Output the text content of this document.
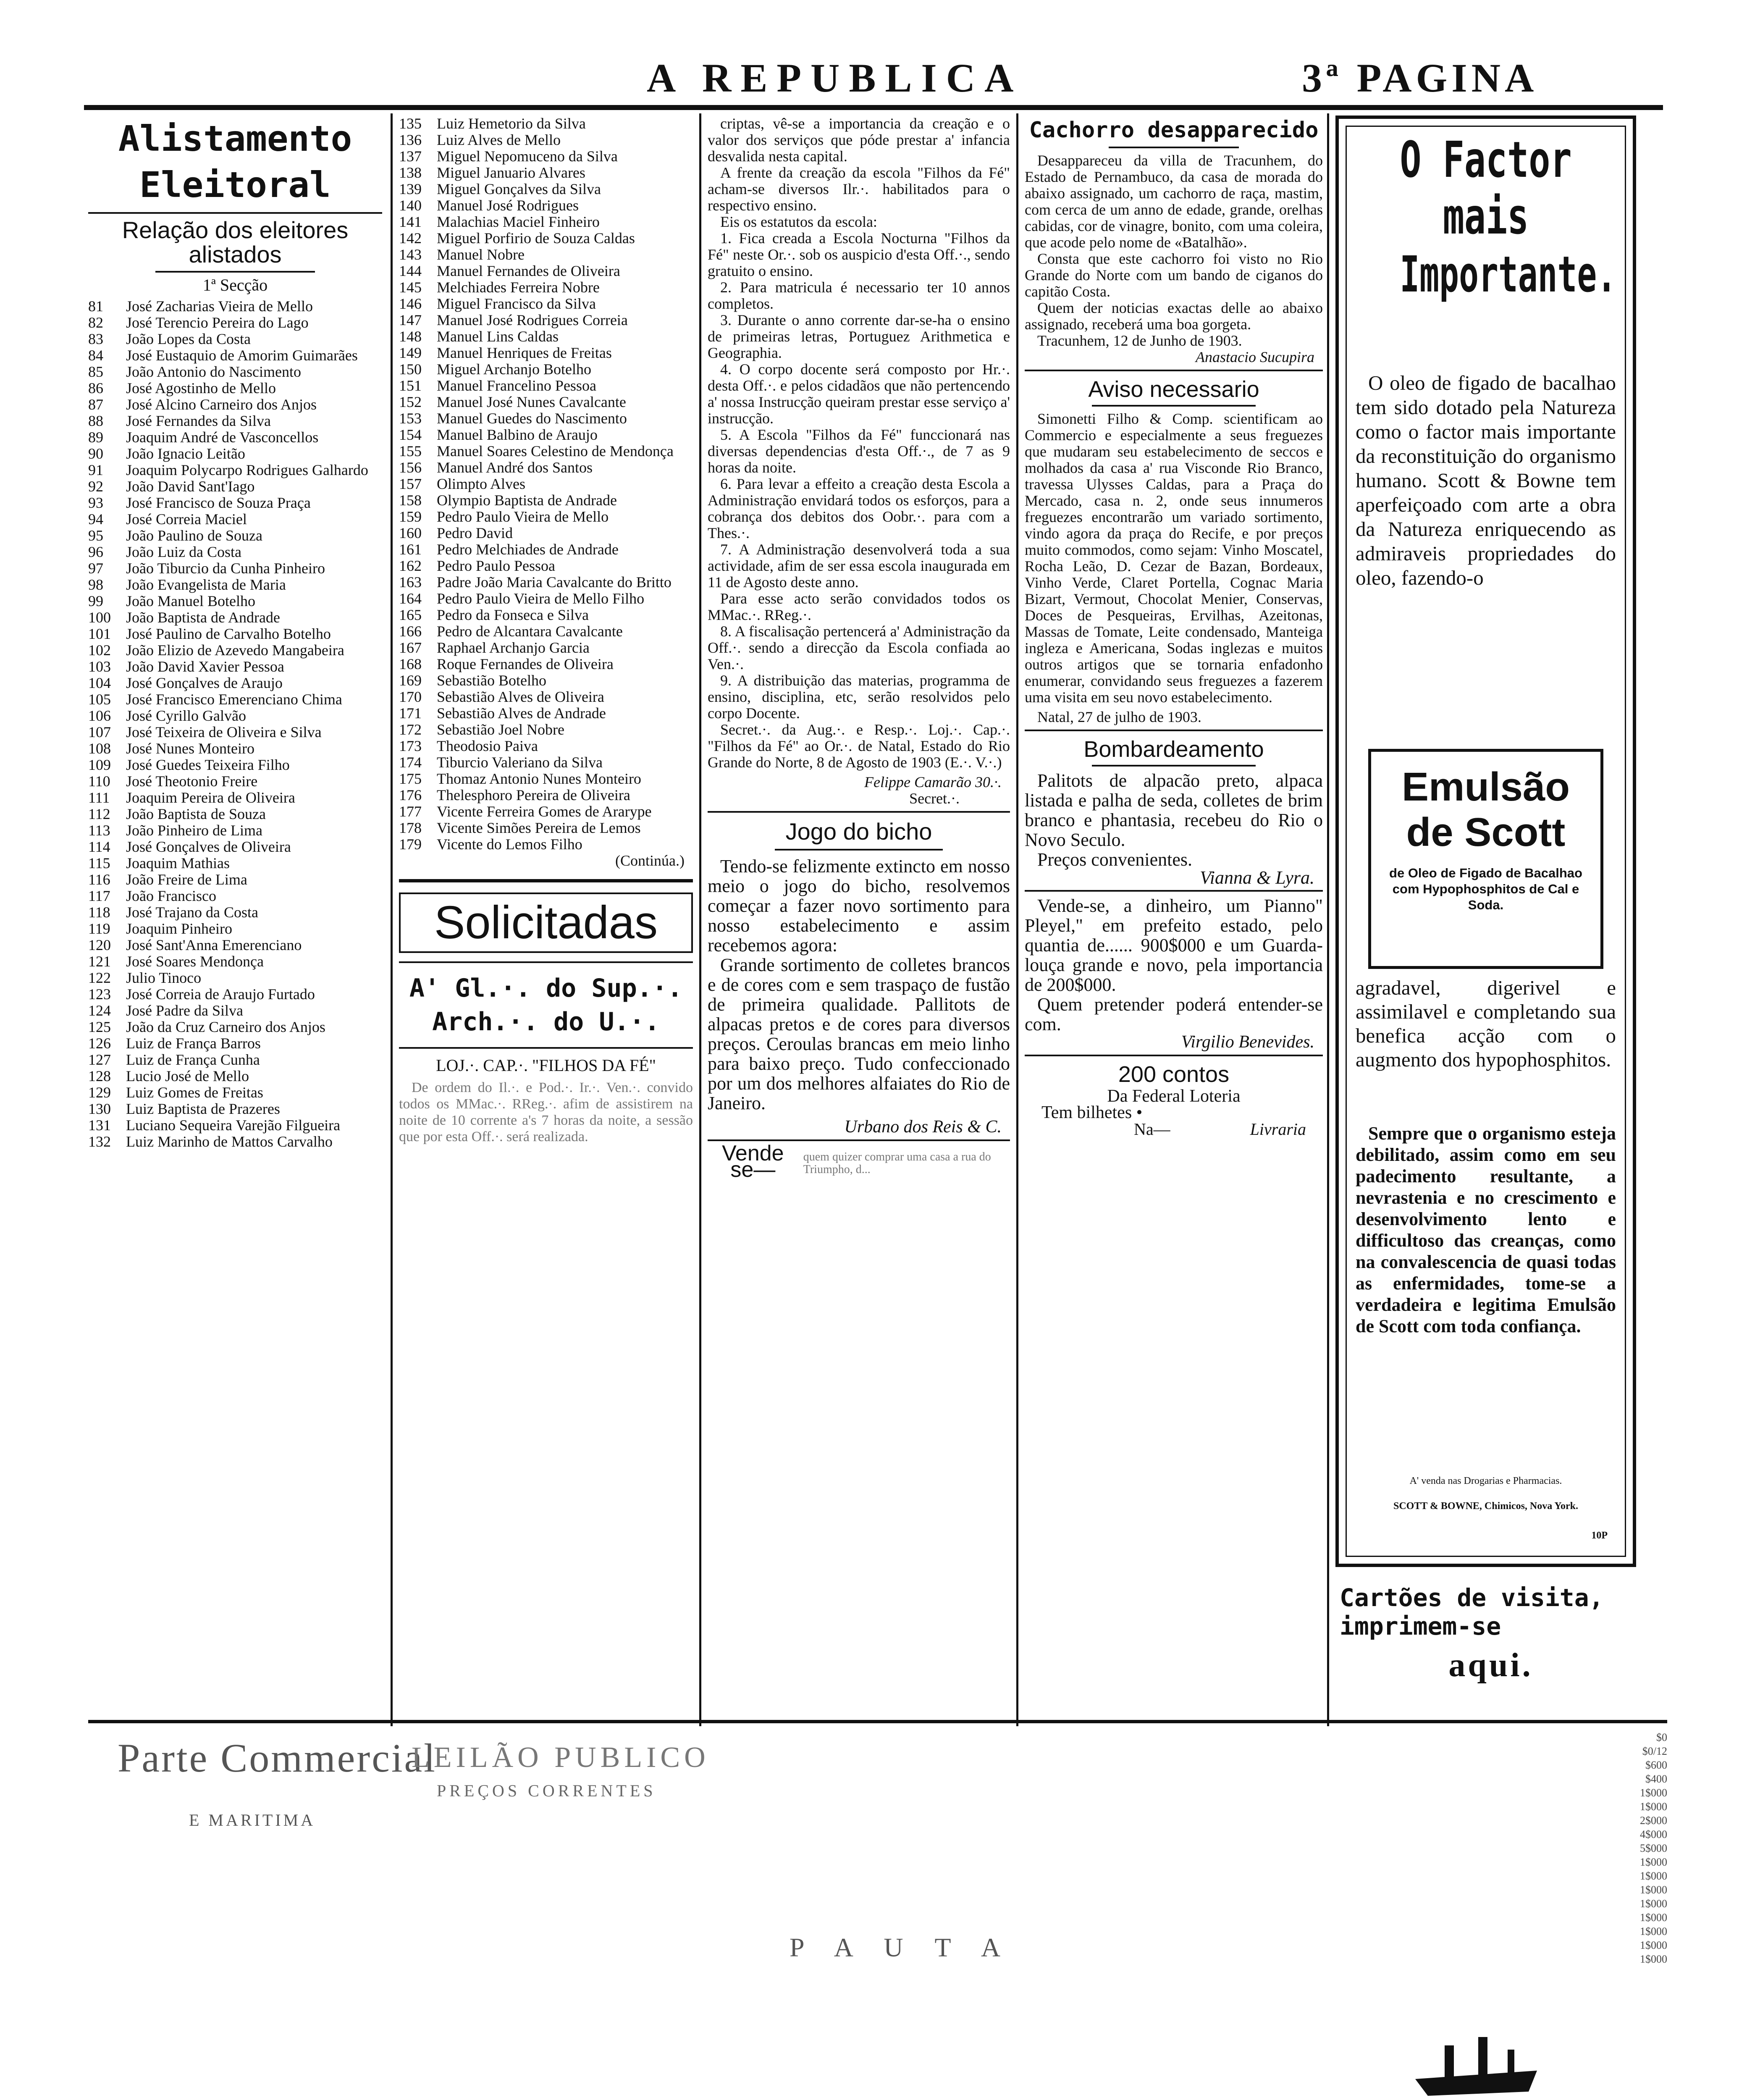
A REPUBLICA	3ª PAGINA
Alistamento Eleitoral
Relação dos eleitores alistados
1ª Secção
81	José Zacharias Vieira de Mello
82	José Terencio Pereira do Lago
83	João Lopes da Costa
84	José Eustaquio de Amorim Guimarães
85	João Antonio do Nascimento
86	José Agostinho de Mello
87	José Alcino Carneiro dos Anjos
88	José Fernandes da Silva
89	Joaquim André de Vasconcellos
90	João Ignacio Leitão
91	Joaquim Polycarpo Rodrigues Galhardo
92	João David Sant'Iago
93	José Francisco de Souza Praça
94	José Correia Maciel
95	João Paulino de Souza
96	João Luiz da Costa
97	João Tiburcio da Cunha Pinheiro
98	João Evangelista de Maria
99	João Manuel Botelho
100	João Baptista de Andrade
101	José Paulino de Carvalho Botelho
102	João Elizio de Azevedo Mangabeira
103	João David Xavier Pessoa
104	José Gonçalves de Araujo
105	José Francisco Emerenciano Chima
106	José Cyrillo Galvão
107	José Teixeira de Oliveira e Silva
108	José Nunes Monteiro
109	José Guedes Teixeira Filho
110	José Theotonio Freire
111	Joaquim Pereira de Oliveira
112	João Baptista de Souza
113	João Pinheiro de Lima
114	José Gonçalves de Oliveira
115	Joaquim Mathias
116	João Freire de Lima
117	João Francisco
118	José Trajano da Costa
119	Joaquim Pinheiro
120	José Sant'Anna Emerenciano
121	José Soares Mendonça
122	Julio Tinoco
123	José Correia de Araujo Furtado
124	José Padre da Silva
125	João da Cruz Carneiro dos Anjos
126	Luiz de França Barros
127	Luiz de França Cunha
128	Lucio José de Mello
129	Luiz Gomes de Freitas
130	Luiz Baptista de Prazeres
131	Luciano Sequeira Varejão Filgueira
132	Luiz Marinho de Mattos Carvalho
135	Luiz Hemetorio da Silva
136	Luiz Alves de Mello
137	Miguel Nepomuceno da Silva
138	Miguel Januario Alvares
139	Miguel Gonçalves da Silva
140	Manuel José Rodrigues
141	Malachias Maciel Finheiro
142	Miguel Porfirio de Souza Caldas
143	Manuel Nobre
144	Manuel Fernandes de Oliveira
145	Melchiades Ferreira Nobre
146	Miguel Francisco da Silva
147	Manuel José Rodrigues Correia
148	Manuel Lins Caldas
149	Manuel Henriques de Freitas
150	Miguel Archanjo Botelho
151	Manuel Francelino Pessoa
152	Manuel José Nunes Cavalcante
153	Manuel Guedes do Nascimento
154	Manuel Balbino de Araujo
155	Manuel Soares Celestino de Mendonça
156	Manuel André dos Santos
157	Olimpto Alves
158	Olympio Baptista de Andrade
159	Pedro Paulo Vieira de Mello
160	Pedro David
161	Pedro Melchiades de Andrade
162	Pedro Paulo Pessoa
163	Padre João Maria Cavalcante do Britto
164	Pedro Paulo Vieira de Mello Filho
165	Pedro da Fonseca e Silva
166	Pedro de Alcantara Cavalcante
167	Raphael Archanjo Garcia
168	Roque Fernandes de Oliveira
169	Sebastião Botelho
170	Sebastião Alves de Oliveira
171	Sebastião Alves de Andrade
172	Sebastião Joel Nobre
173	Theodosio Paiva
174	Tiburcio Valeriano da Silva
175	Thomaz Antonio Nunes Monteiro
176	Thelesphoro Pereira de Oliveira
177	Vicente Ferreira Gomes de Ararype
178	Vicente Simões Pereira de Lemos
179	Vicente do Lemos Filho
(Continúa.)
Solicitadas
A' Gl.·. do Sup.·. Arch.·. do U.·.
LOJ.·. CAP.·. "FILHOS DA FÉ"

De ordem do Il.·. e Pod.·. Ir.·. Ven.·. convido todos os MMac.·. RReg.·. afim de assistirem na noite de 10 corrente a's 7 horas da noite, a sessão que por esta Off.·. será realizada.

criptas, vê-se a importancia da creação e o valor dos serviços que póde prestar a' infancia desvalida nesta capital.

A frente da creação da escola "Filhos da Fé" acham-se diversos Ilr.·. habilitados para o respectivo ensino.

Eis os estatutos da escola:

1. Fica creada a Escola Nocturna "Filhos da Fé" neste Or.·. sob os auspicio d'esta Off.·., sendo gratuito o ensino.

2. Para matricula é necessario ter 10 annos completos.

3. Durante o anno corrente dar-se-ha o ensino de primeiras letras, Portuguez Arithmetica e Geographia.

4. O corpo docente será composto por Hr.·. desta Off.·. e pelos cidadãos que não pertencendo a' nossa Instrucção queiram prestar esse serviço a' instrucção.

5. A Escola "Filhos da Fé" funccionará nas diversas dependencias d'esta Off.·., de 7 as 9 horas da noite.

6. Para levar a effeito a creação desta Escola a Administração envidará todos os esforços, para a cobrança dos debitos dos Oobr.·. para com a Thes.·.

7. A Administração desenvolverá toda a sua actividade, afim de ser essa escola inaugurada em 11 de Agosto deste anno.

Para esse acto serão convidados todos os MMac.·. RReg.·.

8. A fiscalisação pertencerá a' Administração da Off.·. sendo a direcção da Escola confiada ao Ven.·.

9. A distribuição das materias, programma de ensino, disciplina, etc, serão resolvidos pelo corpo Docente.

Secret.·. da Aug.·. e Resp.·. Loj.·. Cap.·. "Filhos da Fé" ao Or.·. de Natal, Estado do Rio Grande do Norte, 8 de Agosto de 1903 (E.·. V.·.)

Felippe Camarão 30.·.
Secret.·.
Jogo do bicho

Tendo-se felizmente extincto em nosso meio o jogo do bicho, resolvemos começar a fazer novo sortimento para nosso estabelecimento e assim recebemos agora:

Grande sortimento de colletes brancos e de cores com e sem traspaço de fustão de primeira qualidade. Pallitots de alpacas pretos e de cores para diversos preços. Ceroulas brancas em meio linho para baixo preço. Tudo confeccionado por um dos melhores alfaiates do Rio de Janeiro.

Urbano dos Reis & C.
Vende se—
quem quizer comprar uma casa a rua do Triumpho, d...
Cachorro desapparecido

Desappareceu da villa de Tracunhem, do Estado de Pernambuco, da casa de morada do abaixo assignado, um cachorro de raça, mastim, com cerca de um anno de edade, grande, orelhas cabidas, cor de vinagre, bonito, com uma coleira, que acode pelo nome de «Batalhão».

Consta que este cachorro foi visto no Rio Grande do Norte com um bando de ciganos do capitão Costa.

Quem der noticias exactas delle ao abaixo assignado, receberá uma boa gorgeta.

Tracunhem, 12 de Junho de 1903.

Anastacio Sucupira
Aviso necessario

Simonetti Filho & Comp. scientificam ao Commercio e especialmente a seus freguezes que mudaram seu estabelecimento de seccos e molhados da casa a' rua Visconde Rio Branco, travessa Ulysses Caldas, para a Praça do Mercado, casa n. 2, onde seus innumeros freguezes encontrarão um variado sortimento, vindo agora da praça do Recife, e por preços muito commodos, como sejam: Vinho Moscatel, Rocha Leão, D. Cezar de Bazan, Bordeaux, Vinho Verde, Claret Portella, Cognac Maria Bizart, Vermout, Chocolat Menier, Conservas, Doces de Pesqueiras, Ervilhas, Azeitonas, Massas de Tomate, Leite condensado, Manteiga ingleza e Americana, Sodas inglezas e muitos outros artigos que se tornaria enfadonho enumerar, convidando seus freguezes a fazerem uma visita em seu novo estabelecimento.

Natal, 27 de julho de 1903.

Bombardeamento

Palitots de alpacão preto, alpaca listada e palha de seda, colletes de brim branco e phantasia, recebeu do Rio o Novo Seculo.

Preços convenientes.

Vianna & Lyra.

Vende-se, a dinheiro, um Pianno" Pleyel," em prefeito estado, pelo quantia de...... 900$000 e um Guarda-louça grande e novo, pela importancia de 200$000.

Quem pretender poderá entender-se com.

Virgilio Benevides.
200 contos
Da Federal Loteria
Tem bilhetes •
Na—	Livraria
O Factor
mais
Importante.

O oleo de figado de bacalhao tem sido dotado pela Natureza como o factor mais importante da reconstituição do organismo humano. Scott & Bowne tem aperfeiçoado com arte a obra da Natureza enriquecendo as admiraveis propriedades do oleo, fazendo-o

Emulsão
de Scott
de Oleo de Figado de Bacalhao com Hypophosphitos de Cal e Soda.

agradavel, digerivel e assimilavel e completando sua benefica acção com o augmento dos hypophosphitos.

Sempre que o organismo esteja debilitado, assim como em seu padecimento resultante, a nevrastenia e no crescimento e desenvolvimento lento e difficultoso das creanças, como na convalescencia de quasi todas as enfermidades, tome-se a verdadeira e legitima Emulsão de Scott com toda confiança.

A' venda nas Drogarias e Pharmacias.
SCOTT & BOWNE, Chimicos, Nova York.
10P
Cartões de visita, imprimem-se
aqui.
Parte Commercial
LEILÃO PUBLICO
PREÇOS CORRENTES
E MARITIMA
P A U T A
$0
$0/12
$600
$400
1$000
1$000
2$000
4$000
5$000
1$000
1$000
1$000
1$000
1$000
1$000
1$000
1$000
